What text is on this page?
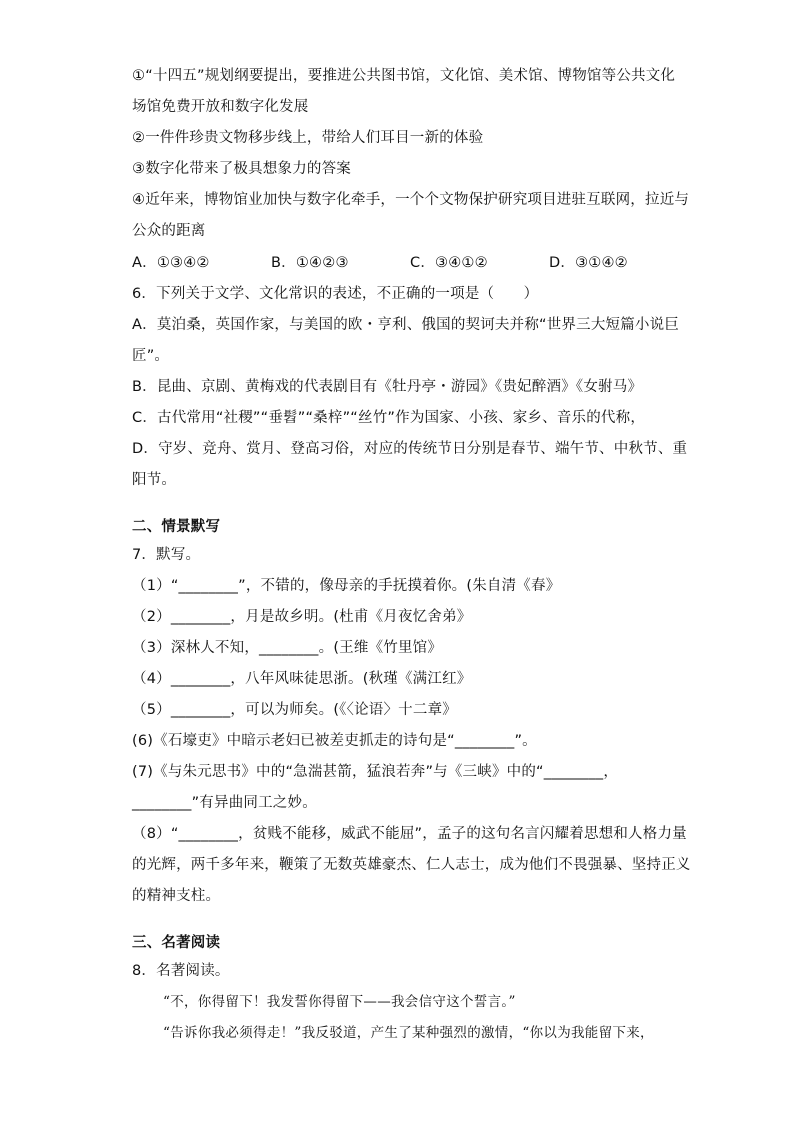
①“十四五”规划纲要提出，要推进公共图书馆，文化馆、美术馆、博物馆等公共文化
场馆免费开放和数字化发展
②一件件珍贵文物移步线上，带给人们耳目一新的体验
③数字化带来了极具想象力的答案
④近年来，博物馆业加快与数字化牵手，一个个文物保护研究项目进驻互联网，拉近与
公众的距离
A．①③④②	B．①④②③	C．③④①②	D．③①④②
6．下列关于文学、文化常识的表述，不正确的一项是（　　）
A．莫泊桑，英国作家，与美国的欧・亨利、俄国的契诃夫并称“世界三大短篇小说巨
匠”。
B．昆曲、京剧、黄梅戏的代表剧目有《牡丹亭・游园》《贵妃醉酒》《女驸马》
C．古代常用“社稷”“垂髫”“桑梓”“丝竹”作为国家、小孩、家乡、音乐的代称，
D．守岁、竞舟、赏月、登高习俗，对应的传统节日分别是春节、端午节、中秋节、重
阳节。
二、情景默写
7．默写。
（1）“________”，不错的，像母亲的手抚摸着你。(朱自清《春》
（2）________，月是故乡明。(杜甫《月夜忆舍弟》
（3）深林人不知，________。(王维《竹里馆》
（4）________，八年风味徒思浙。(秋瑾《满江红》
（5）________，可以为师矣。(《〈论语〉十二章》
(6)《石壕吏》中暗示老妇已被差吏抓走的诗句是“________”。
(7)《与朱元思书》中的“急湍甚箭，猛浪若奔”与《三峡》中的“________，
________”有异曲同工之妙。
（8）“________，贫贱不能移，威武不能屈”，孟子的这句名言闪耀着思想和人格力量
的光辉，两千多年来，鞭策了无数英雄豪杰、仁人志士，成为他们不畏强暴、坚持正义
的精神支柱。
三、名著阅读
8．名著阅读。
“不，你得留下！我发誓你得留下——我会信守这个誓言。”
“告诉你我必须得走！”我反驳道，产生了某种强烈的激情，“你以为我能留下来，
